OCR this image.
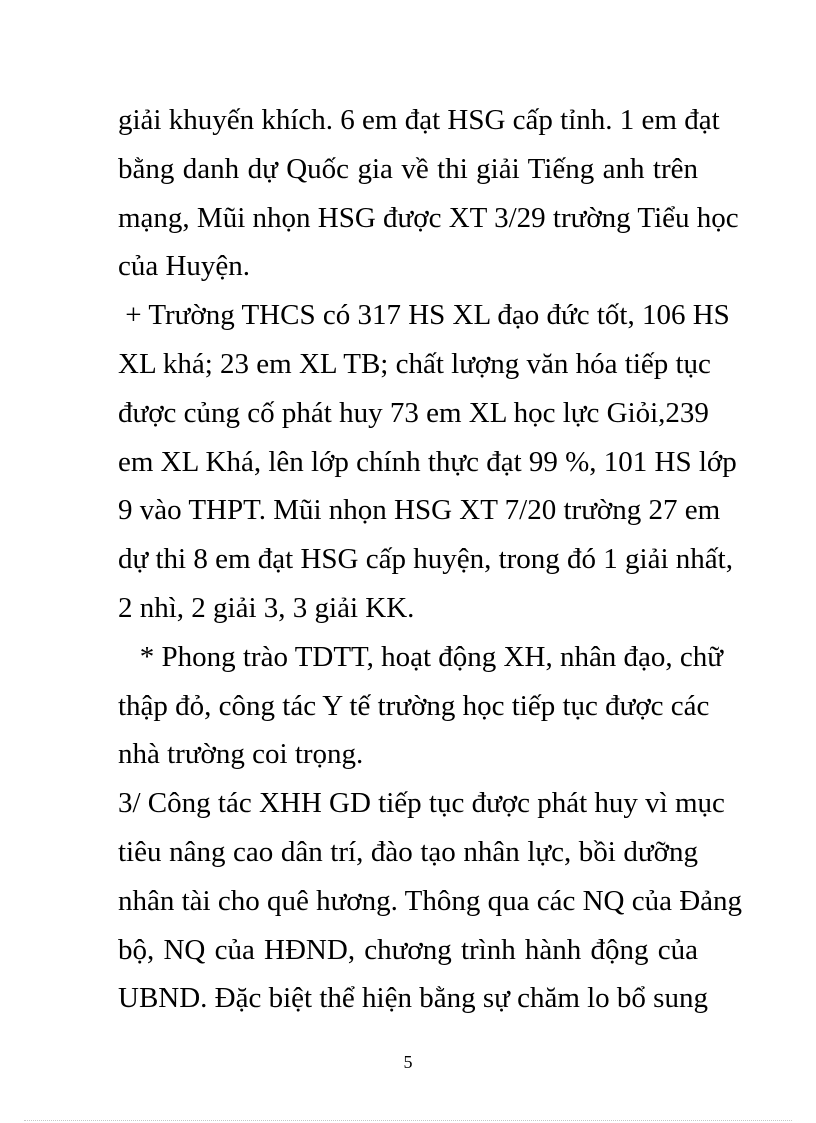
giải khuyến khích. 6 em đạt HSG cấp tỉnh. 1 em đạt
bằng danh dự Quốc gia về thi giải Tiếng anh trên
mạng, Mũi nhọn HSG được XT 3/29 trường Tiểu học
của Huyện.

+ Trường THCS có 317 HS XL đạo đức tốt, 106 HS
XL khá; 23 em XL TB; chất lượng văn hóa tiếp tục
được củng cố phát huy 73 em XL học lực Giỏi,239
em XL Khá, lên lớp chính thực đạt 99 %, 101 HS lớp
9 vào THPT. Mũi nhọn HSG XT 7/20 trường 27 em
dự thi 8 em đạt HSG cấp huyện, trong đó 1 giải nhất,
2 nhì, 2 giải 3, 3 giải KK.

* Phong trào TDTT, hoạt động XH, nhân đạo, chữ
thập đỏ, công tác Y tế trường học tiếp tục được các
nhà trường coi trọng.

3/ Công tác XHH GD tiếp tục được phát huy vì mục
tiêu nâng cao dân trí, đào tạo nhân lực, bồi dưỡng
nhân tài cho quê hương. Thông qua các NQ của Đảng
bộ, NQ của HĐND, chương trình hành động của
UBND. Đặc biệt thể hiện bằng sự chăm lo bổ sung

5
